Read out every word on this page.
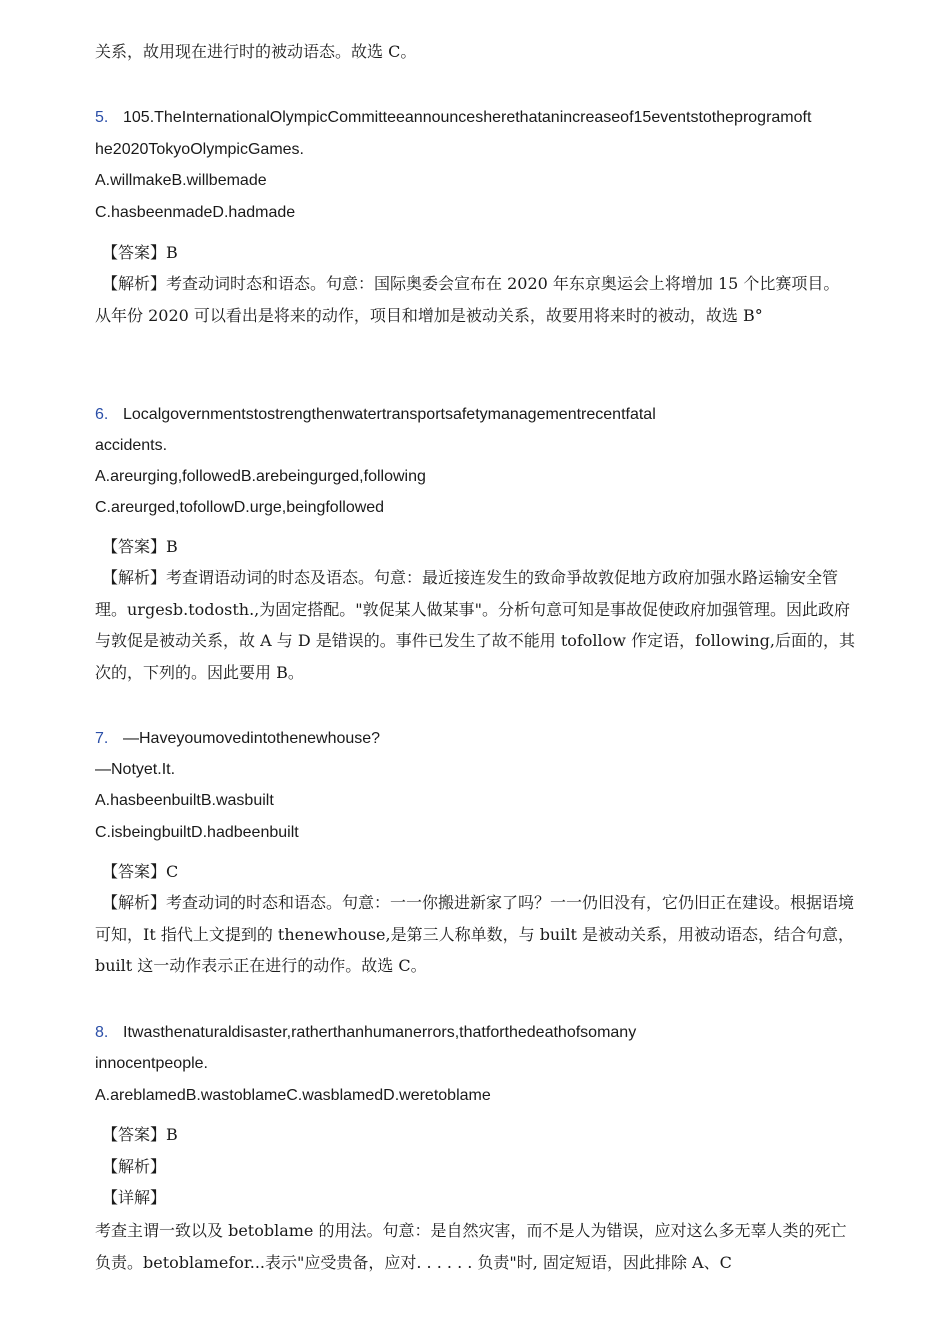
关系，故用现在进行时的被动语态。故选 C。
5. 105.TheInternationalOlympicCommitteeannouncesherethatanincreaseof15eventstotheprogramoft
he2020TokyoOlympicGames.
A.willmakeB.willbemade
C.hasbeenmadeD.hadmade
【答案】B
【解析】考查动词时态和语态。句意：国际奥委会宣布在 2020 年东京奥运会上将增加 15 个比赛项目。从年份 2020 可以看出是将来的动作，项目和增加是被动关系，故要用将来时的被动，故选 B°
6. Localgovernmentstostrengthenwatertransportsafetymanagementrecentfatal
accidents.
A.areurging,followedB.arebeingurged,following
C.areurged,tofollowD.urge,beingfollowed
【答案】B
【解析】考查谓语动词的时态及语态。句意：最近接连发生的致命爭故敦促地方政府加强水路运输安全管理。urgesb.todosth.,为固定搭配。"敦促某人做某事"。分析句意可知是事故促使政府加强管理。因此政府与敦促是被动关系，故 A 与 D 是错误的。事件已发生了故不能用 tofollow 作定语，following,后面的，其次的，下列的。因此要用 B。
7. —Haveyoumovedintothenewhouse?
—Notyet.It.
A.hasbeenbuiltB.wasbuilt
C.isbeingbuiltD.hadbeenbuilt
【答案】C
【解析】考查动词的时态和语态。句意：一一你搬进新家了吗？一一仍旧没有，它仍旧正在建设。根据语境可知，It 指代上文提到的 thenewhouse,是第三人称单数，与 built 是被动关系，用被动语态，结合句意，built 这一动作表示正在进行的动作。故选 C。
8. Itwasthenaturaldisaster,ratherthanhumanerrors,thatforthedeathofsomany
innocentpeople.
A.areblamedB.wastoblameC.wasblamedD.weretoblame
【答案】B
【解析】
【详解】
考查主谓一致以及 betoblame 的用法。句意：是自然灾害，而不是人为错误，应对这么多无辜人类的死亡负责。betoblamefor...表示"应受贵备，应对. . . . . . 负责"时, 固定短语，因此排除 A、C
